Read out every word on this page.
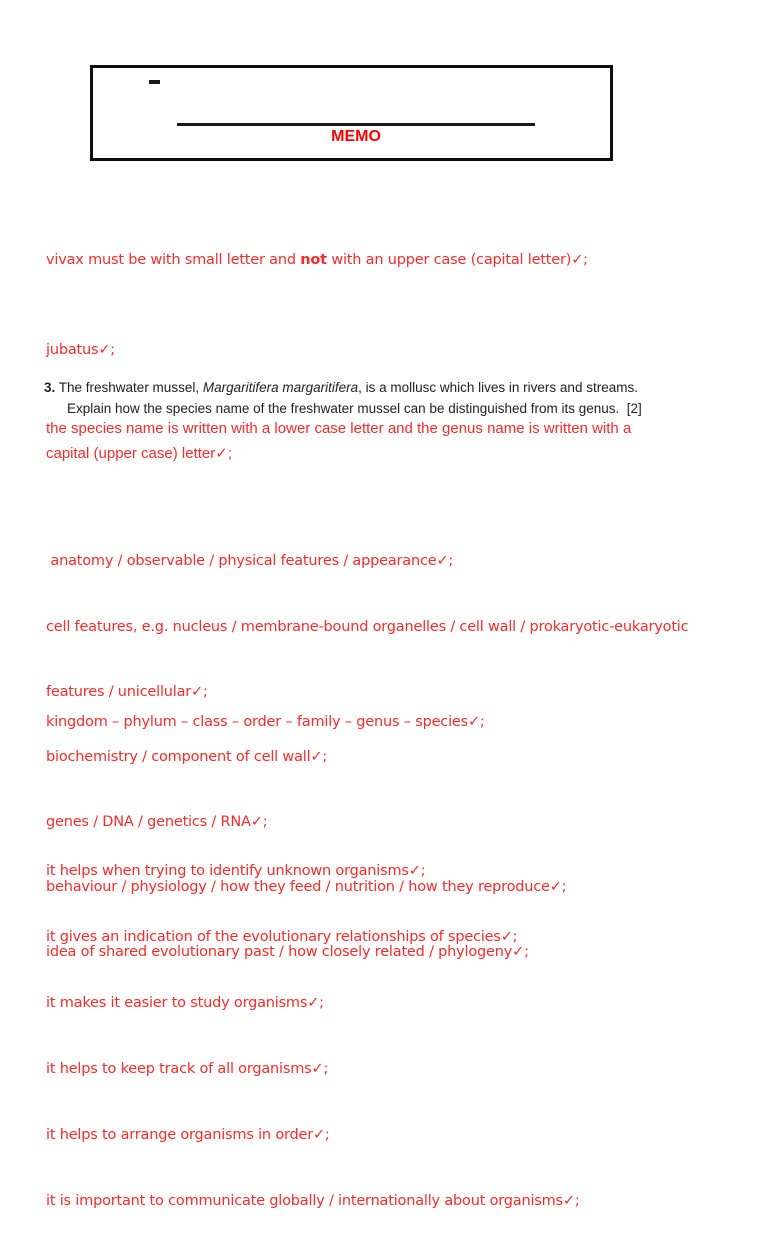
MEMO
vivax must be with small letter and not with an upper case (capital letter)✓;
jubatus✓;
3. The freshwater mussel, Margaritifera margaritifera, is a mollusc which lives in rivers and streams.
Explain how the species name of the freshwater mussel can be distinguished from its genus.  [2]
the species name is written with a lower case letter and the genus name is written with a
capital (upper case) letter✓;

anatomy / observable / physical features / appearance✓;

cell features, e.g. nucleus / membrane-bound organelles / cell wall / prokaryotic-eukaryotic

features / unicellular✓;

biochemistry / component of cell wall✓;

genes / DNA / genetics / RNA✓;

behaviour / physiology / how they feed / nutrition / how they reproduce✓;

idea of shared evolutionary past / how closely related / phylogeny✓;

kingdom – phylum – class – order – family – genus – species✓;

it helps when trying to identify unknown organisms✓;

it gives an indication of the evolutionary relationships of species✓;

it makes it easier to study organisms✓;

it helps to keep track of all organisms✓;

it helps to arrange organisms in order✓;

it is important to communicate globally / internationally about organisms✓;
